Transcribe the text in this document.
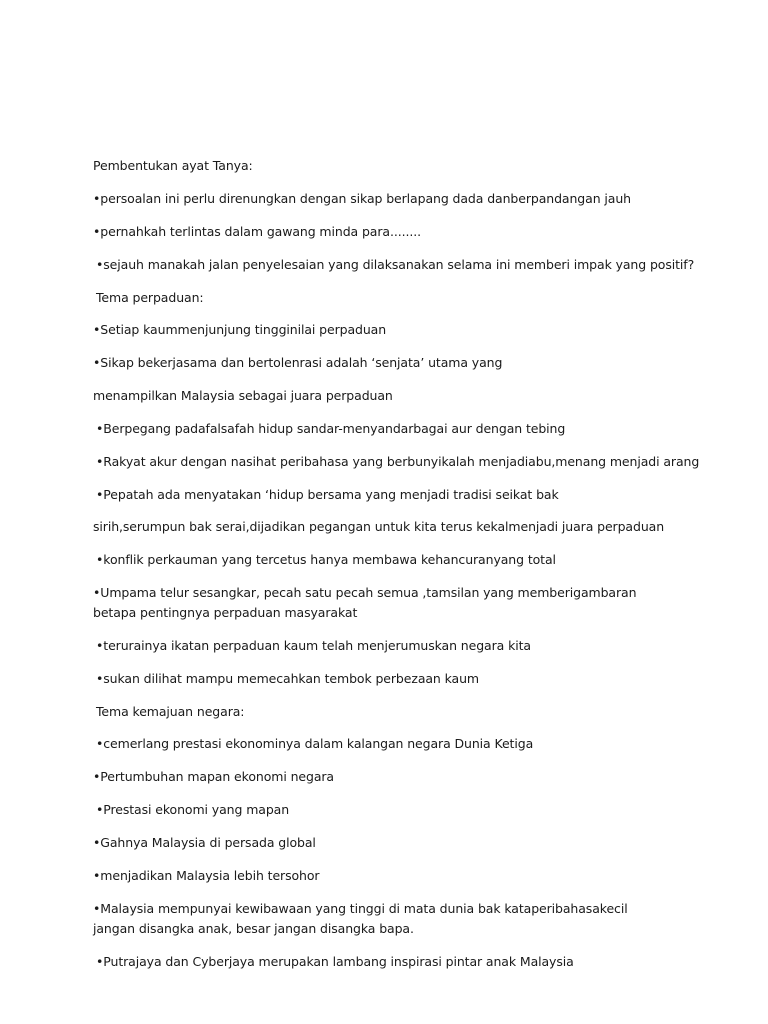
Pembentukan ayat Tanya:
•persoalan ini perlu direnungkan dengan sikap berlapang dada danberpandangan jauh
•pernahkah terlintas dalam gawang minda para........
•sejauh manakah jalan penyelesaian yang dilaksanakan selama ini memberi impak yang positif?
Tema perpaduan:
•Setiap kaummenjunjung tingginilai perpaduan
•Sikap bekerjasama dan bertolenrasi adalah ‘senjata’ utama yang
menampilkan Malaysia sebagai juara perpaduan
•Berpegang padafalsafah hidup sandar-menyandarbagai aur dengan tebing
•Rakyat akur dengan nasihat peribahasa yang berbunyikalah menjadiabu,menang menjadi arang
•Pepatah ada menyatakan ‘hidup bersama yang menjadi tradisi seikat bak
sirih,serumpun bak serai,dijadikan pegangan untuk kita terus kekalmenjadi juara perpaduan
•konflik perkauman yang tercetus hanya membawa kehancuranyang total
•Umpama telur sesangkar, pecah satu pecah semua ,tamsilan yang memberigambaran betapa pentingnya perpaduan masyarakat
•terurainya ikatan perpaduan kaum telah menjerumuskan negara kita
•sukan dilihat mampu memecahkan tembok perbezaan kaum
Tema kemajuan negara:
•cemerlang prestasi ekonominya dalam kalangan negara Dunia Ketiga
•Pertumbuhan mapan ekonomi negara
•Prestasi ekonomi yang mapan
•Gahnya Malaysia di persada global
•menjadikan Malaysia lebih tersohor
•Malaysia mempunyai kewibawaan yang tinggi di mata dunia bak kataperibahasakecil jangan disangka anak, besar jangan disangka bapa.
•Putrajaya dan Cyberjaya merupakan lambang inspirasi pintar anak Malaysia
